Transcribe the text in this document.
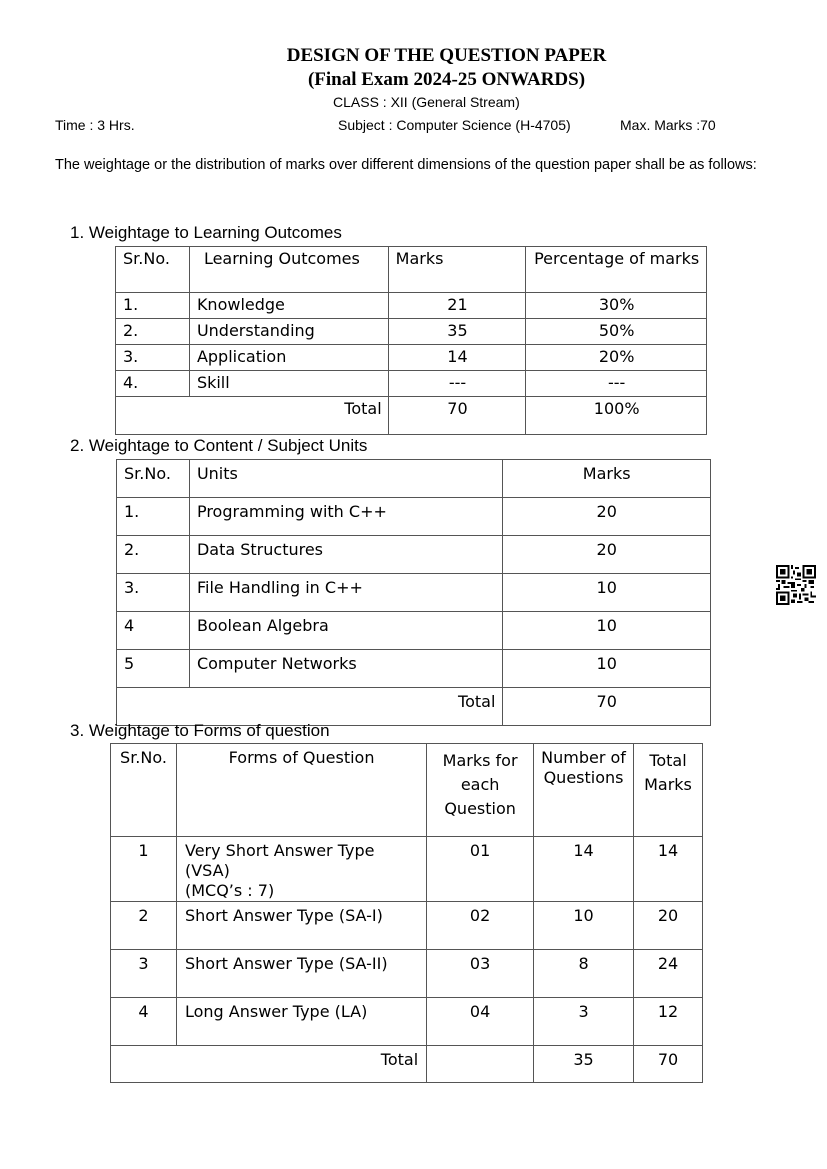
DESIGN OF THE QUESTION PAPER
(Final Exam 2024-25 ONWARDS)
CLASS : XII (General Stream)
Time : 3 Hrs.	Subject : Computer Science (H-4705)	Max. Marks :70
The weightage or the distribution of marks over different dimensions of the question paper shall be as follows:
1. Weightage to Learning Outcomes
Sr.No.	Learning Outcomes	Marks	Percentage of marks
1.	Knowledge	21	30%
2.	Understanding	35	50%
3.	Application	14	20%
4.	Skill	---	---
Total		70	100%
2. Weightage to Content / Subject Units
Sr.No.	Units	Marks
1.	Programming with C++	20
2.	Data Structures	20
3.	File Handling in C++	10
4	Boolean Algebra	10
5	Computer Networks	10
Total		70
3. Weightage to Forms of question
Sr.No.	Forms of Question	Marks for each Question	Number of Questions	Total Marks
1	Very Short Answer Type
(VSA)
(MCQ’s : 7)	01	14	14
2	Short Answer Type (SA-I)	02	10	20
3	Short Answer Type (SA-II)	03	8	24
4	Long Answer Type (LA)	04	3	12
Total			35	70
